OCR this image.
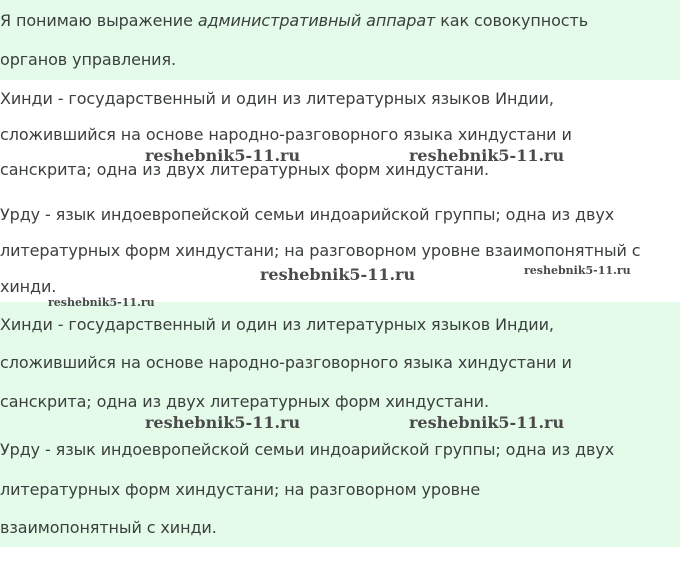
Я понимаю выражение административный аппарат как совокупность
органов управления.
Хинди - государственный и один из литературных языков Индии,
сложившийся на основе народно-разговорного языка хиндустани и
санскрита; одна из двух литературных форм хиндустани.
Урду - язык индоевропейской семьи индоарийской группы; одна из двух
литературных форм хиндустани; на разговорном уровне взаимопонятный с
хинди.
Хинди - государственный и один из литературных языков Индии,
сложившийся на основе народно-разговорного языка хиндустани и
санскрита; одна из двух литературных форм хиндустани.
Урду - язык индоевропейской семьи индоарийской группы; одна из двух
литературных форм хиндустани; на разговорном уровне
взаимопонятный с хинди.
reshebnik5-11.ru	reshebnik5-11.ru
reshebnik5-11.ru	reshebnik5-11.ru
reshebnik5-11.ru
reshebnik5-11.ru	reshebnik5-11.ru
